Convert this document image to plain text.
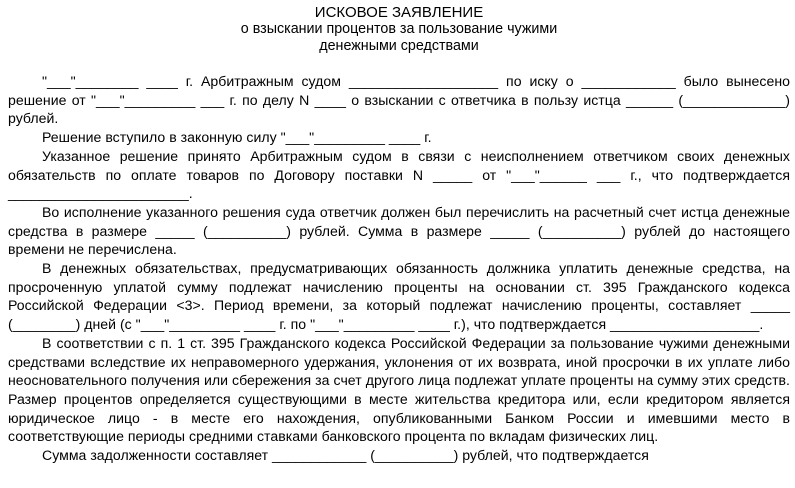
ИСКОВОЕ ЗАЯВЛЕНИЕ
о взыскании процентов за пользование чужими
денежными средствами

"___"________ ____ г. Арбитражным судом ___________________ по иску о ____________ было вынесено решение от "___"_________ ___ г. по делу N ____ о взыскании с ответчика в пользу истца ______ (_____________) рублей.

Решение вступило в законную силу "___"_________ ____ г.

Указанное решение принято Арбитражным судом в связи с неисполнением ответчиком своих денежных обязательств по оплате товаров по Договору поставки N _____ от "___"______ ___ г., что подтверждается _______________________.

Во исполнение указанного решения суда ответчик должен был перечислить на расчетный счет истца денежные средства в размере _____ (__________) рублей. Сумма в размере _____ (__________) рублей до настоящего времени не перечислена.

В денежных обязательствах, предусматривающих обязанность должника уплатить денежные средства, на просроченную уплатой сумму подлежат начислению проценты на основании ст. 395 Гражданского кодекса Российской Федерации <3>. Период времени, за который подлежат начислению проценты, составляет _____ (________) дней (с "___"_________ ____ г. по "___"_________ ____ г.), что подтверждается ___________________.

В соответствии с п. 1 ст. 395 Гражданского кодекса Российской Федерации за пользование чужими денежными средствами вследствие их неправомерного удержания, уклонения от их возврата, иной просрочки в их уплате либо неосновательного получения или сбережения за счет другого лица подлежат уплате проценты на сумму этих средств. Размер процентов определяется существующими в месте жительства кредитора или, если кредитором является юридическое лицо - в месте его нахождения, опубликованными Банком России и имевшими место в соответствующие периоды средними ставками банковского процента по вкладам физических лиц.

Сумма задолженности составляет ____________ (__________) рублей, что подтверждается
